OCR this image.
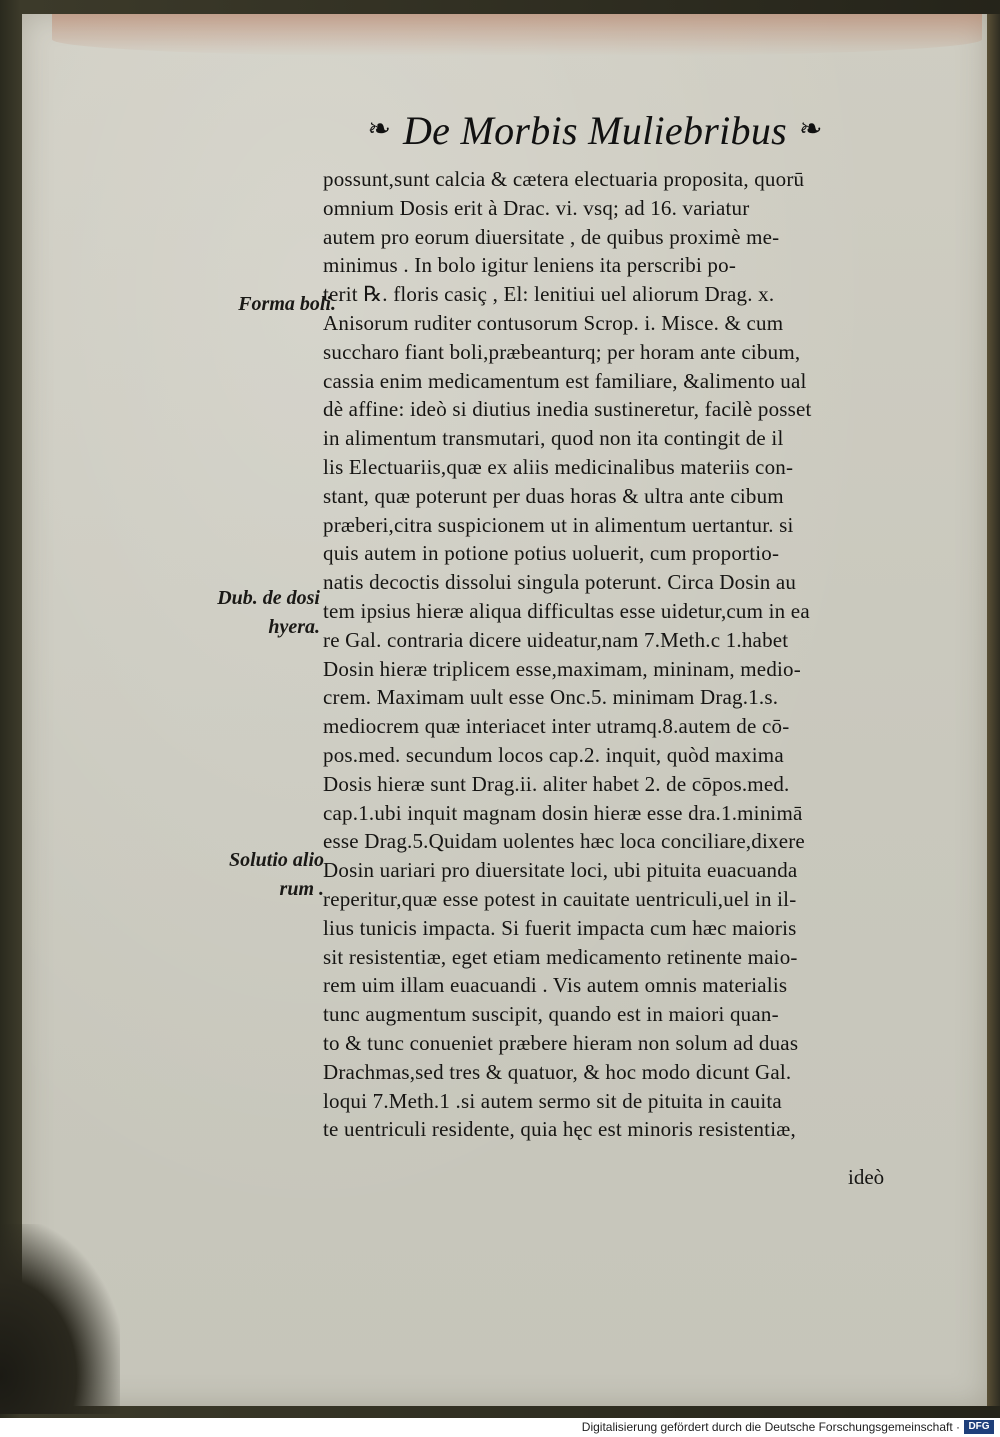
❧ De Morbis Muliebribus ❧
Forma boli.
Dub. de dosi hyera.
Solutio alio rum .
possunt,sunt calcia & cætera electuaria proposita, quorū
omnium Dosis erit à Drac. vi. vsq; ad 16. variatur
autem pro eorum diuersitate , de quibus proximè me-
minimus . In bolo igitur leniens ita perscribi po-
terit ℞. floris casiç , El: lenitiui uel aliorum Drag. x.
Anisorum ruditer contusorum Scrop. i. Misce. & cum
succharo fiant boli,præbeanturq; per horam ante cibum,
cassia enim medicamentum est familiare, &alimento ual
dè affine: ideò si diutius inedia sustineretur, facilè posset
in alimentum transmutari, quod non ita contingit de il
lis Electuariis,quæ ex aliis medicinalibus materiis con-
stant, quæ poterunt per duas horas & ultra ante cibum
præberi,citra suspicionem ut in alimentum uertantur. si
quis autem in potione potius uoluerit, cum proportio-
natis decoctis dissolui singula poterunt. Circa Dosin au
tem ipsius hieræ aliqua difficultas esse uidetur,cum in ea
re Gal. contraria dicere uideatur,nam 7.Meth.c 1.habet
Dosin hieræ triplicem esse,maximam, mininam, medio-
crem. Maximam uult esse Onc.5. minimam Drag.1.s.
mediocrem quæ interiacet inter utramq.8.autem de cō-
pos.med. secundum locos cap.2. inquit, quòd maxima
Dosis hieræ sunt Drag.ii. aliter habet 2. de cōpos.med.
cap.1.ubi inquit magnam dosin hieræ esse dra.1.minimā
esse Drag.5.Quidam uolentes hæc loca conciliare,dixere
Dosin uariari pro diuersitate loci, ubi pituita euacuanda
reperitur,quæ esse potest in cauitate uentriculi,uel in il-
lius tunicis impacta. Si fuerit impacta cum hæc maioris
sit resistentiæ, eget etiam medicamento retinente maio-
rem uim illam euacuandi . Vis autem omnis materialis
tunc augmentum suscipit, quando est in maiori quan-
to & tunc conueniet præbere hieram non solum ad duas
Drachmas,sed tres & quatuor, & hoc modo dicunt Gal.
loqui 7.Meth.1 .si autem sermo sit de pituita in cauita
te uentriculi residente, quia hęc est minoris resistentiæ,
ideò
Digitalisierung gefördert durch die Deutsche Forschungsgemeinschaft · DFG
